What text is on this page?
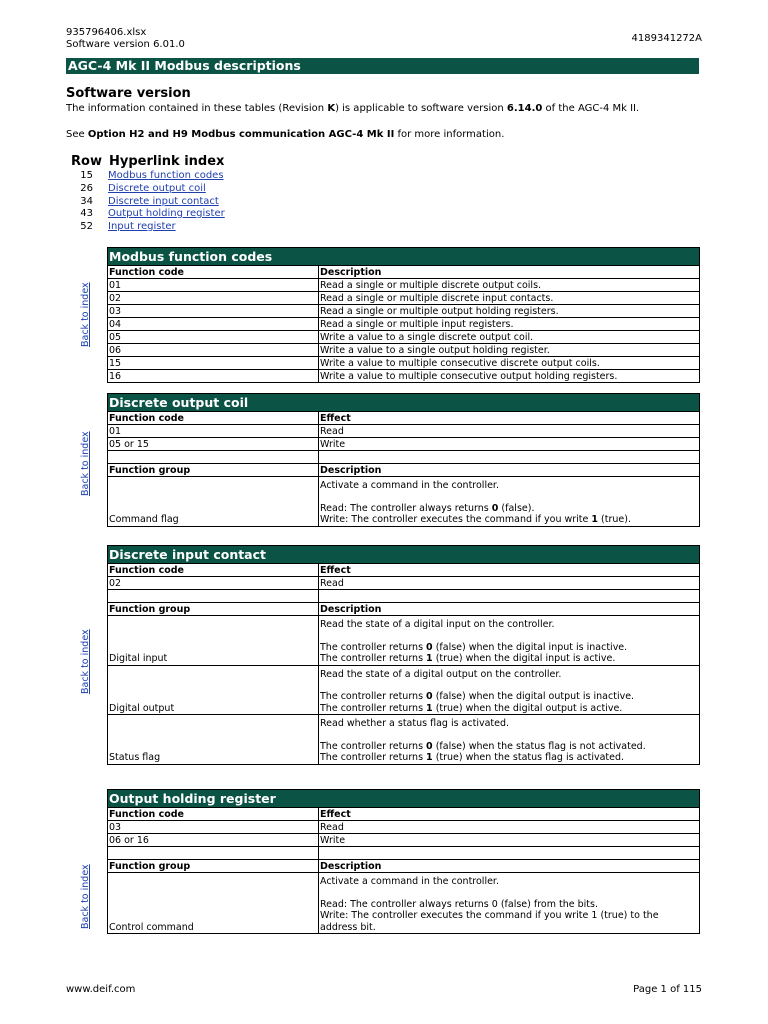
935796406.xlsx
Software version 6.01.0
4189341272A
AGC-4 Mk II Modbus descriptions
Software version
The information contained in these tables (Revision K) is applicable to software version 6.14.0 of the AGC-4 Mk II.
See Option H2 and H9 Modbus communication AGC-4 Mk II for more information.
Row Hyperlink index
15 Modbus function codes
26 Discrete output coil
34 Discrete input contact
43 Output holding register
52 Input register
Back to index
Modbus function codes
Function code	Description
01	Read a single or multiple discrete output coils.
02	Read a single or multiple discrete input contacts.
03	Read a single or multiple output holding registers.
04	Read a single or multiple input registers.
05	Write a value to a single discrete output coil.
06	Write a value to a single output holding register.
15	Write a value to multiple consecutive discrete output coils.
16	Write a value to multiple consecutive output holding registers.
Back to index
Discrete output coil
Function code	Effect
01	Read
05 or 15	Write

Function group	Description
Command flag	Activate a command in the controller.
Read: The controller always returns 0 (false).
Write: The controller executes the command if you write 1 (true).
Back to index
Discrete input contact
Function code	Effect
02	Read

Function group	Description
Digital input	Read the state of a digital input on the controller.
The controller returns 0 (false) when the digital input is inactive.
The controller returns 1 (true) when the digital input is active.

Digital output	Read the state of a digital output on the controller.
The controller returns 0 (false) when the digital output is inactive.
The controller returns 1 (true) when the digital output is active.

Status flag	Read whether a status flag is activated.
The controller returns 0 (false) when the status flag is not activated.
The controller returns 1 (true) when the status flag is activated.
Back to index
Output holding register
Function code	Effect
03	Read
06 or 16	Write

Function group	Description
Control command	Activate a command in the controller.
Read: The controller always returns 0 (false) from the bits.
Write: The controller executes the command if you write 1 (true) to the
address bit.
www.deif.com	Page 1 of 115
